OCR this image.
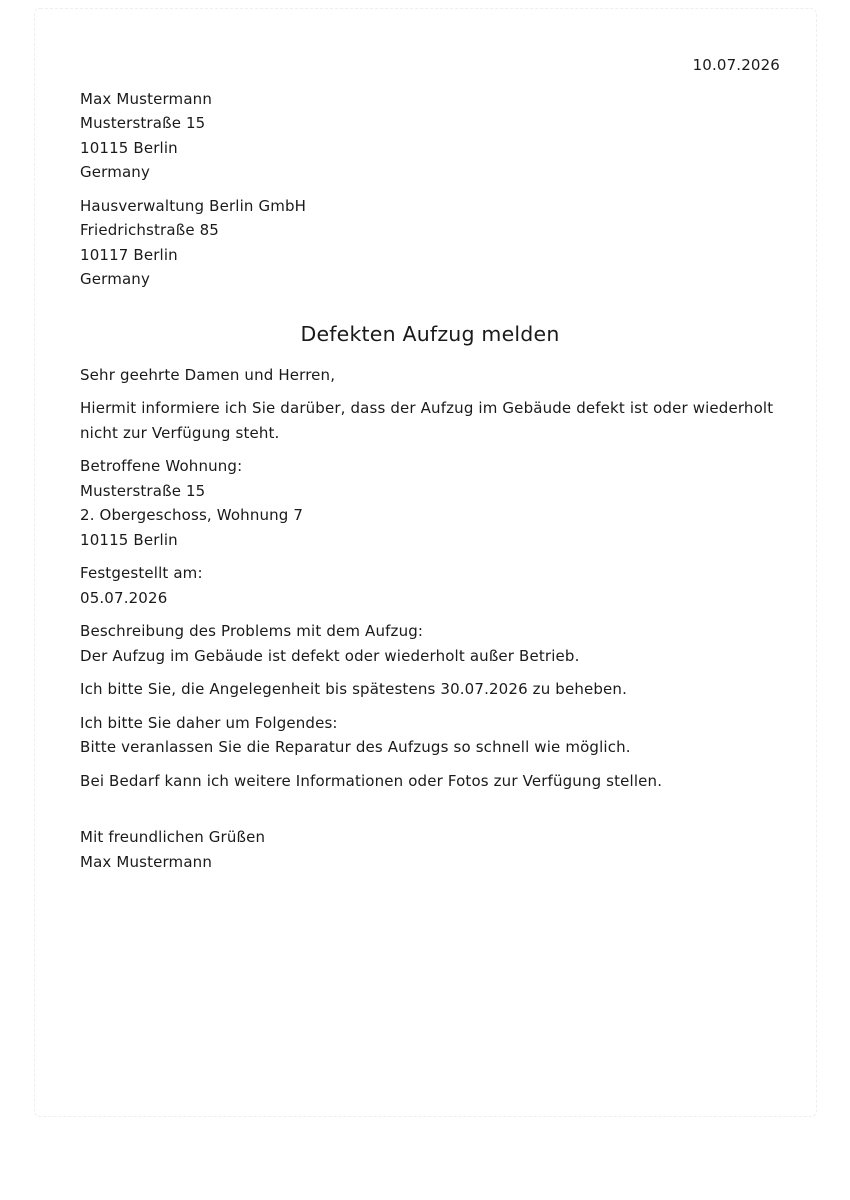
10.07.2026
Max Mustermann
Musterstraße 15
10115 Berlin
Germany
Hausverwaltung Berlin GmbH
Friedrichstraße 85
10117 Berlin
Germany
Defekten Aufzug melden

Sehr geehrte Damen und Herren,

Hiermit informiere ich Sie darüber, dass der Aufzug im Gebäude defekt ist oder wiederholt nicht zur Verfügung steht.

Betroffene Wohnung:
Musterstraße 15
2. Obergeschoss, Wohnung 7
10115 Berlin
Festgestellt am:
05.07.2026
Beschreibung des Problems mit dem Aufzug:
Der Aufzug im Gebäude ist defekt oder wiederholt außer Betrieb.

Ich bitte Sie, die Angelegenheit bis spätestens 30.07.2026 zu beheben.

Ich bitte Sie daher um Folgendes:
Bitte veranlassen Sie die Reparatur des Aufzugs so schnell wie möglich.

Bei Bedarf kann ich weitere Informationen oder Fotos zur Verfügung stellen.

Mit freundlichen Grüßen
Max Mustermann
